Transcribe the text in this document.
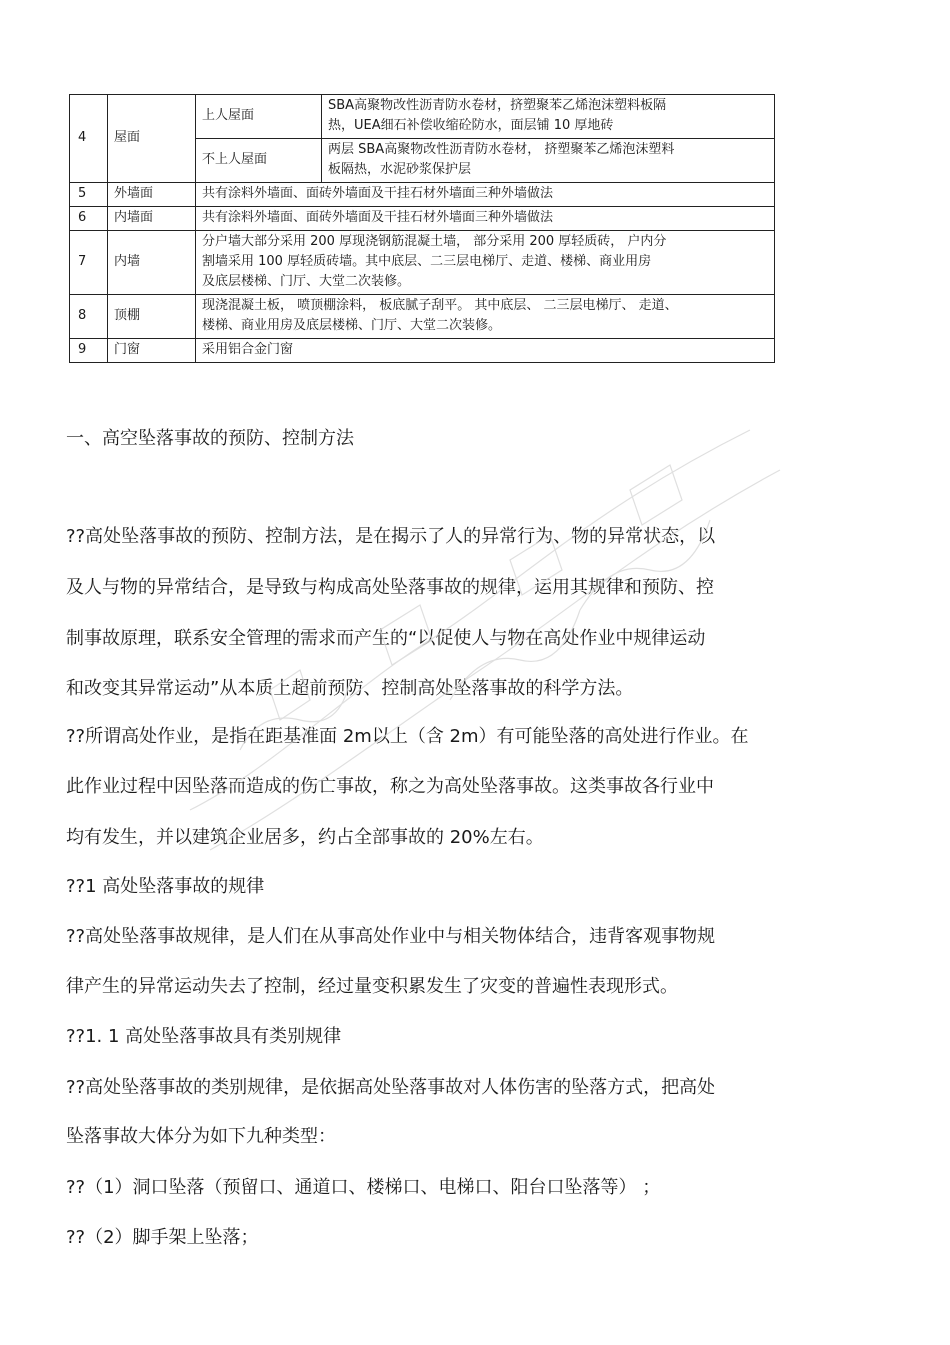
4	屋面	上人屋面	SBA高聚物改性沥青防水卷材，挤塑聚苯乙烯泡沫塑料板隔
热，UEA细石补偿收缩砼防水，面层铺 10 厚地砖

		不上人屋面	两层 SBA高聚物改性沥青防水卷材， 挤塑聚苯乙烯泡沫塑料
板隔热，水泥砂浆保护层

5	外墙面	共有涂料外墙面、面砖外墙面及干挂石材外墙面三种外墙做法	
6	内墙面	共有涂料外墙面、面砖外墙面及干挂石材外墙面三种外墙做法	
7	内墙	分户墙大部分采用 200 厚现浇钢筋混凝土墙， 部分采用 200 厚轻质砖， 户内分
割墙采用 100 厚轻质砖墙。其中底层、二三层电梯厅、走道、楼梯、商业用房
及底层楼梯、门厅、大堂二次装修。	

8	顶棚	现浇混凝土板， 喷顶棚涂料， 板底腻子刮平。 其中底层、 二三层电梯厅、 走道、
楼梯、商业用房及底层楼梯、门厅、大堂二次装修。	

9	门窗	采用铝合金门窗	
一、高空坠落事故的预防、控制方法
??高处坠落事故的预防、控制方法，是在揭示了人的异常行为、物的异常状态，以
及人与物的异常结合，是导致与构成高处坠落事故的规律，运用其规律和预防、控
制事故原理，联系安全管理的需求而产生的“以促使人与物在高处作业中规律运动
和改变其异常运动”从本质上超前预防、控制高处坠落事故的科学方法。
??所谓高处作业，是指在距基准面 2m以上（含 2m）有可能坠落的高处进行作业。在
此作业过程中因坠落而造成的伤亡事故，称之为高处坠落事故。这类事故各行业中
均有发生，并以建筑企业居多，约占全部事故的 20%左右。
??1 高处坠落事故的规律
??高处坠落事故规律，是人们在从事高处作业中与相关物体结合，违背客观事物规
律产生的异常运动失去了控制，经过量变积累发生了灾变的普遍性表现形式。
??1. 1 高处坠落事故具有类别规律
??高处坠落事故的类别规律，是依据高处坠落事故对人体伤害的坠落方式，把高处
坠落事故大体分为如下九种类型：
??（1）洞口坠落（预留口、通道口、楼梯口、电梯口、阳台口坠落等） ；
??（2）脚手架上坠落；
